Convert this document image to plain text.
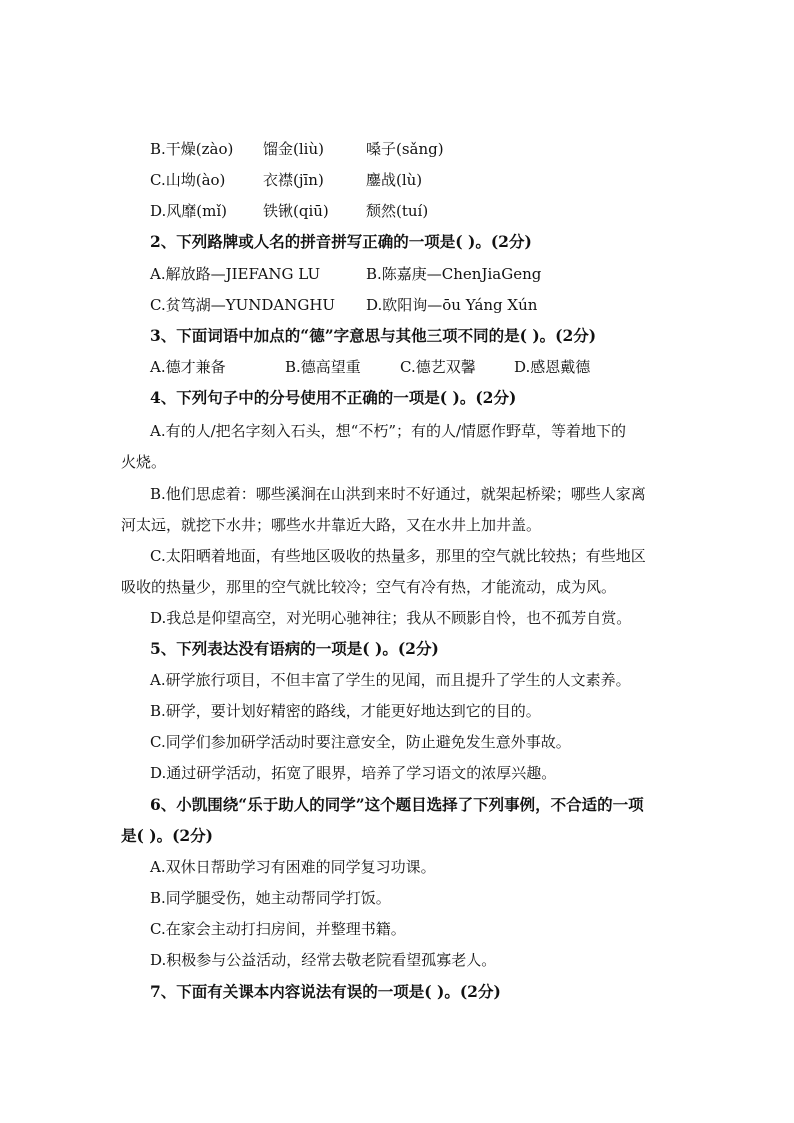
B.干燥(zào) 馏金(liù)	嗓子(sǎng)
C.山坳(ào)	衣襟(jīn)	鏖战(lù)
D.风靡(mǐ) 铁锹(qiū) 颓然(tuí)
2、下列路牌或人名的拼音拼写正确的一项是( )。(2分)
A.解放路—JIEFANG LU	B.陈嘉庚—ChenJiaGeng
C.贫笃湖—YUNDANGHU D.欧阳询—ōu Yáng Xún
3、下面词语中加点的“德”字意思与其他三项不同的是( )。(2分)
A.德才兼备	B.德高望重	C.德艺双馨	D.感恩戴德
4、下列句子中的分号使用不正确的一项是( )。(2分)
A.有的人/把名字刻入石头，想“不朽”；有的人/情愿作野草，等着地下的
火烧。
B.他们思虑着：哪些溪涧在山洪到来时不好通过，就架起桥梁；哪些人家离
河太远，就挖下水井；哪些水井靠近大路，又在水井上加井盖。
C.太阳晒着地面，有些地区吸收的热量多，那里的空气就比较热；有些地区
吸收的热量少，那里的空气就比较冷；空气有冷有热，才能流动，成为风。
D.我总是仰望高空，对光明心驰神往；我从不顾影自怜，也不孤芳自赏。
5、下列表达没有语病的一项是( )。(2分)
A.研学旅行项目，不但丰富了学生的见闻，而且提升了学生的人文素养。
B.研学，要计划好精密的路线，才能更好地达到它的目的。
C.同学们参加研学活动时要注意安全，防止避免发生意外事故。
D.通过研学活动，拓宽了眼界，培养了学习语文的浓厚兴趣。
6、小凯围绕“乐于助人的同学”这个题目选择了下列事例，不合适的一项
是( )。(2分)
A.双休日帮助学习有困难的同学复习功课。
B.同学腿受伤，她主动帮同学打饭。
C.在家会主动打扫房间，并整理书籍。
D.积极参与公益活动，经常去敬老院看望孤寡老人。
7、下面有关课本内容说法有误的一项是( )。(2分)
